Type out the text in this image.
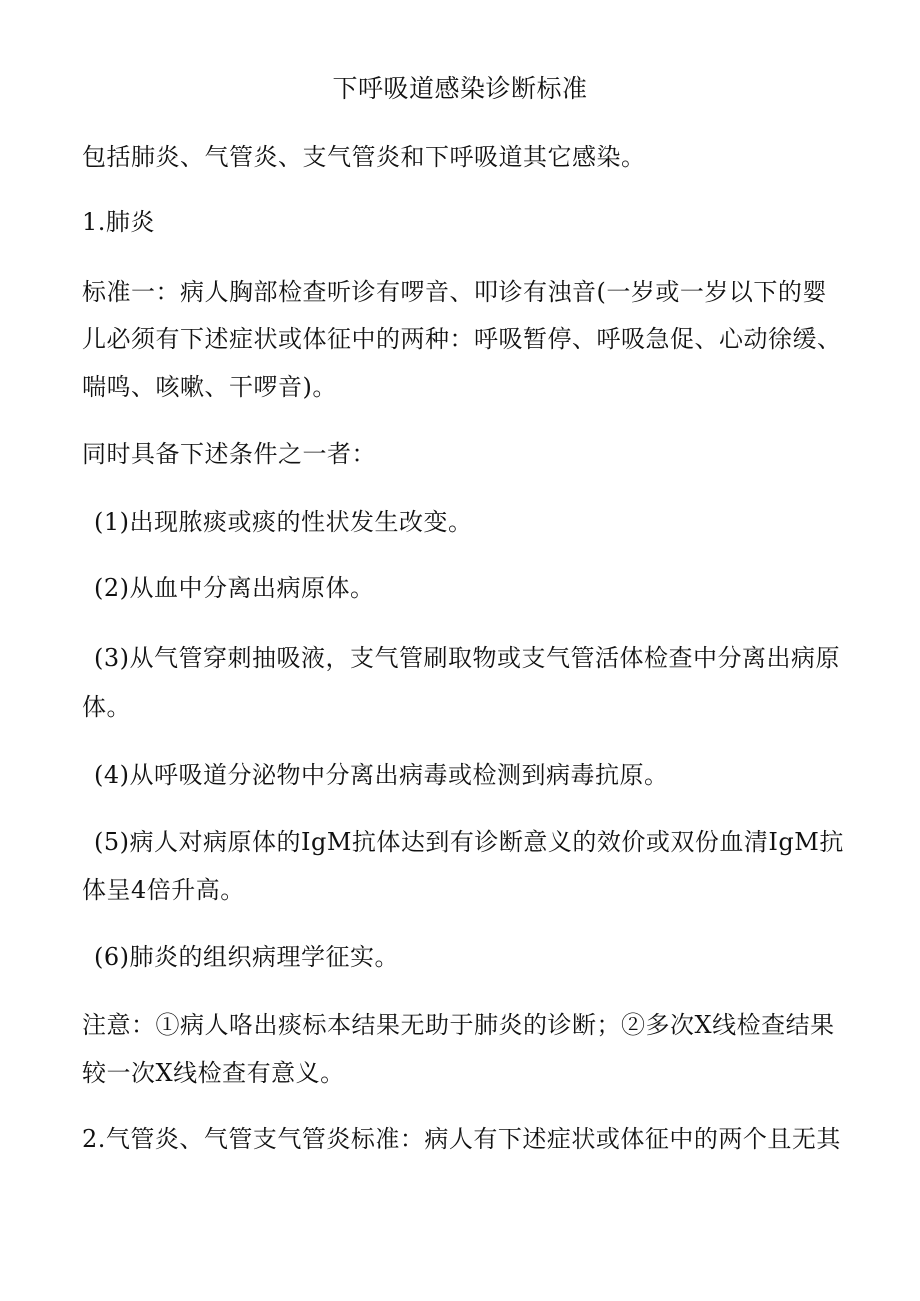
下呼吸道感染诊断标准
包括肺炎、气管炎、支气管炎和下呼吸道其它感染。
1.肺炎
标准一：病人胸部检查听诊有啰音、叩诊有浊音(一岁或一岁以下的婴
儿必须有下述症状或体征中的两种：呼吸暂停、呼吸急促、心动徐缓、
喘鸣、咳嗽、干啰音)。
同时具备下述条件之一者：
(1)出现脓痰或痰的性状发生改变。
(2)从血中分离出病原体。
(3)从气管穿刺抽吸液，支气管刷取物或支气管活体检查中分离出病原
体。
(4)从呼吸道分泌物中分离出病毒或检测到病毒抗原。
(5)病人对病原体的IgM抗体达到有诊断意义的效价或双份血清IgM抗
体呈4倍升高。
(6)肺炎的组织病理学征实。
注意：①病人咯出痰标本结果无助于肺炎的诊断；②多次X线检查结果
较一次X线检查有意义。
2.气管炎、气管支气管炎标准：病人有下述症状或体征中的两个且无其
